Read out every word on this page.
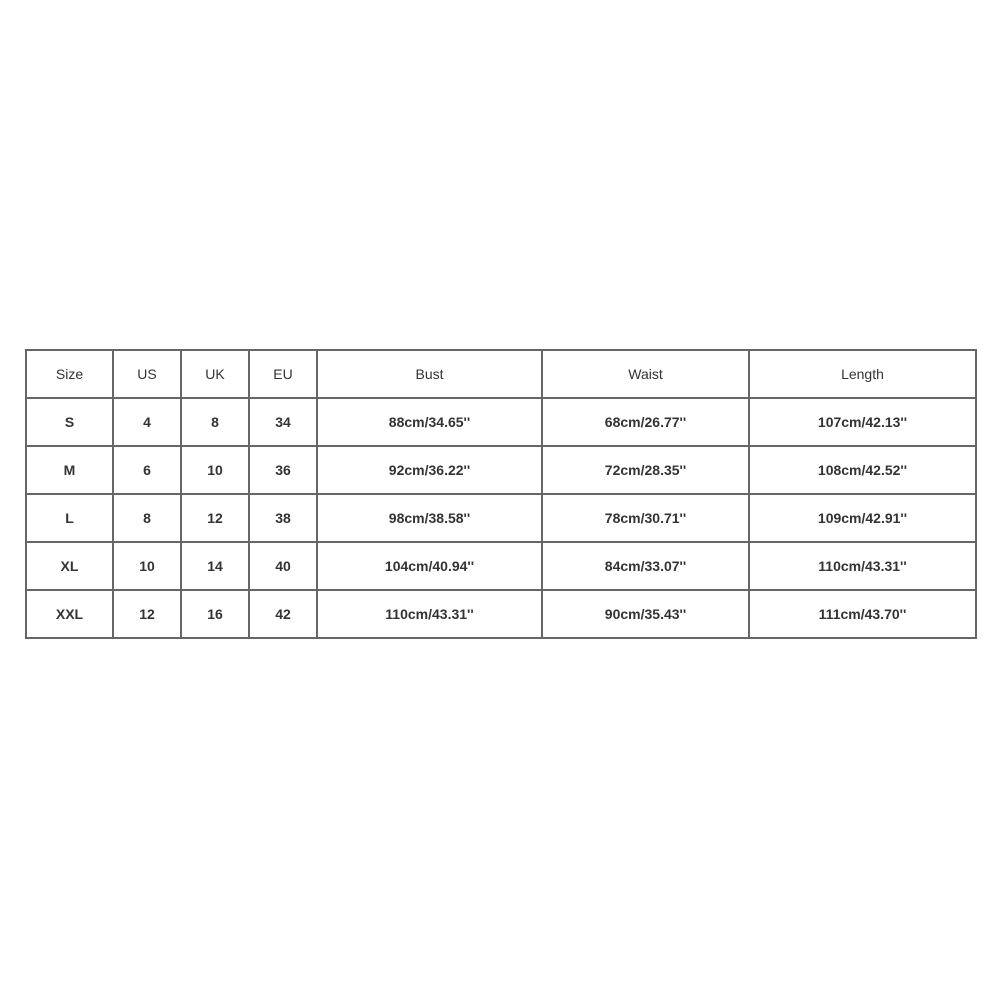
Size	US	UK	EU	Bust	Waist	Length
S	4	8	34	88cm/34.65''	68cm/26.77''	107cm/42.13''
M	6	10	36	92cm/36.22''	72cm/28.35''	108cm/42.52''
L	8	12	38	98cm/38.58''	78cm/30.71''	109cm/42.91''
XL	10	14	40	104cm/40.94''	84cm/33.07''	110cm/43.31''
XXL	12	16	42	110cm/43.31''	90cm/35.43''	111cm/43.70''
